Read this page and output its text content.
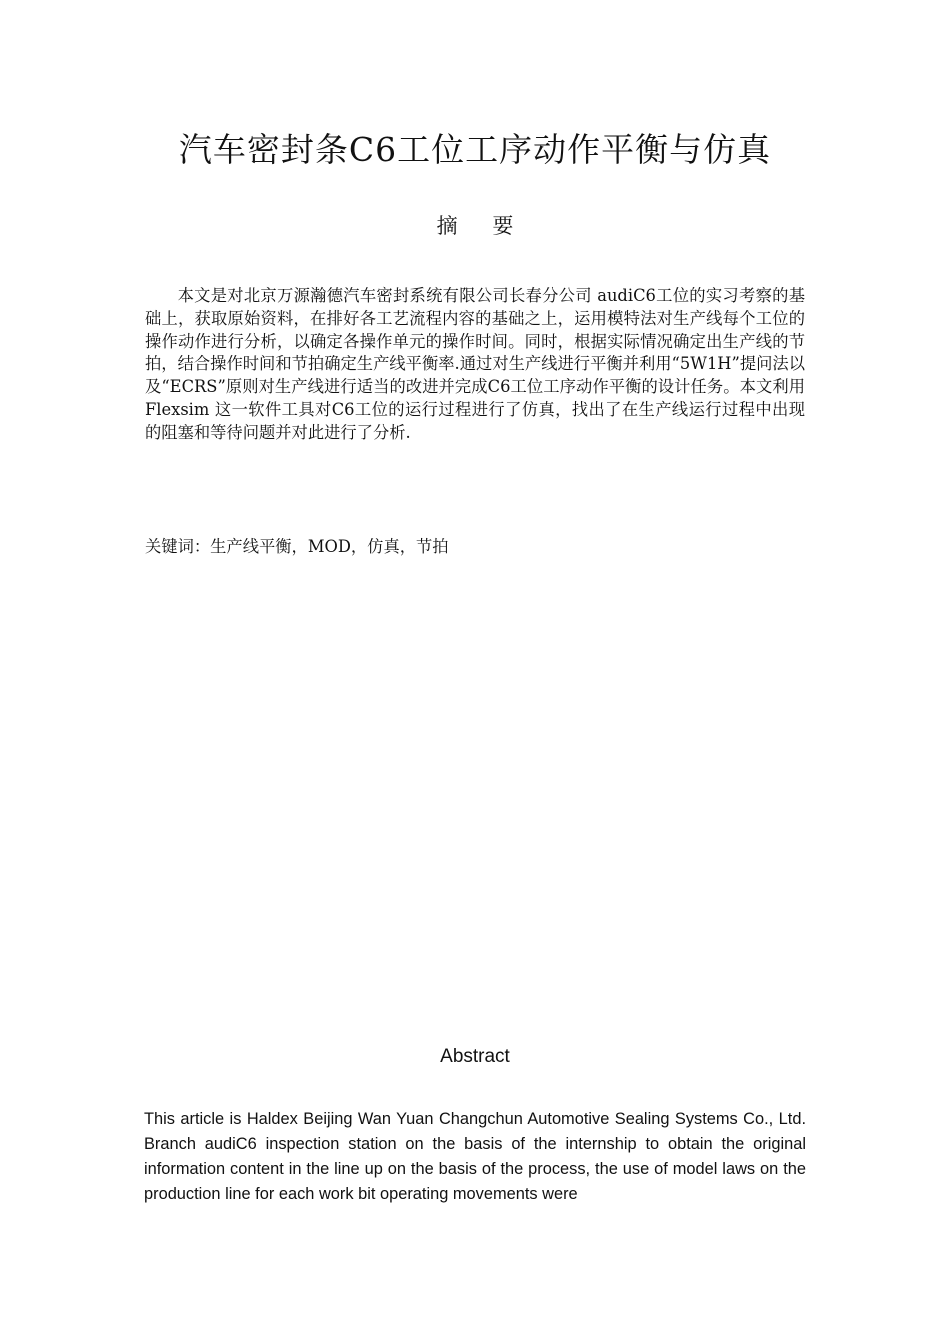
汽车密封条C6工位工序动作平衡与仿真
摘 要

本文是对北京万源瀚德汽车密封系统有限公司长春分公司 audiC6工位的实习考察的基础上，获取原始资料，在排好各工艺流程内容的基础之上，运用模特法对生产线每个工位的操作动作进行分析，以确定各操作单元的操作时间。同时，根据实际情况确定出生产线的节拍，结合操作时间和节拍确定生产线平衡率.通过对生产线进行平衡并利用“5W1H”提问法以及“ECRS”原则对生产线进行适当的改进并完成C6工位工序动作平衡的设计任务。本文利用Flexsim 这一软件工具对C6工位的运行过程进行了仿真，找出了在生产线运行过程中出现的阻塞和等待问题并对此进行了分析.

关键词：生产线平衡，MOD，仿真，节拍

Abstract

This article is Haldex Beijing Wan Yuan Changchun Automotive Sealing Systems Co., Ltd. Branch audiC6 inspection station on the basis of the internship to obtain the original information content in the line up on the basis of the process, the use of model laws on the production line for each work bit operating movements were
